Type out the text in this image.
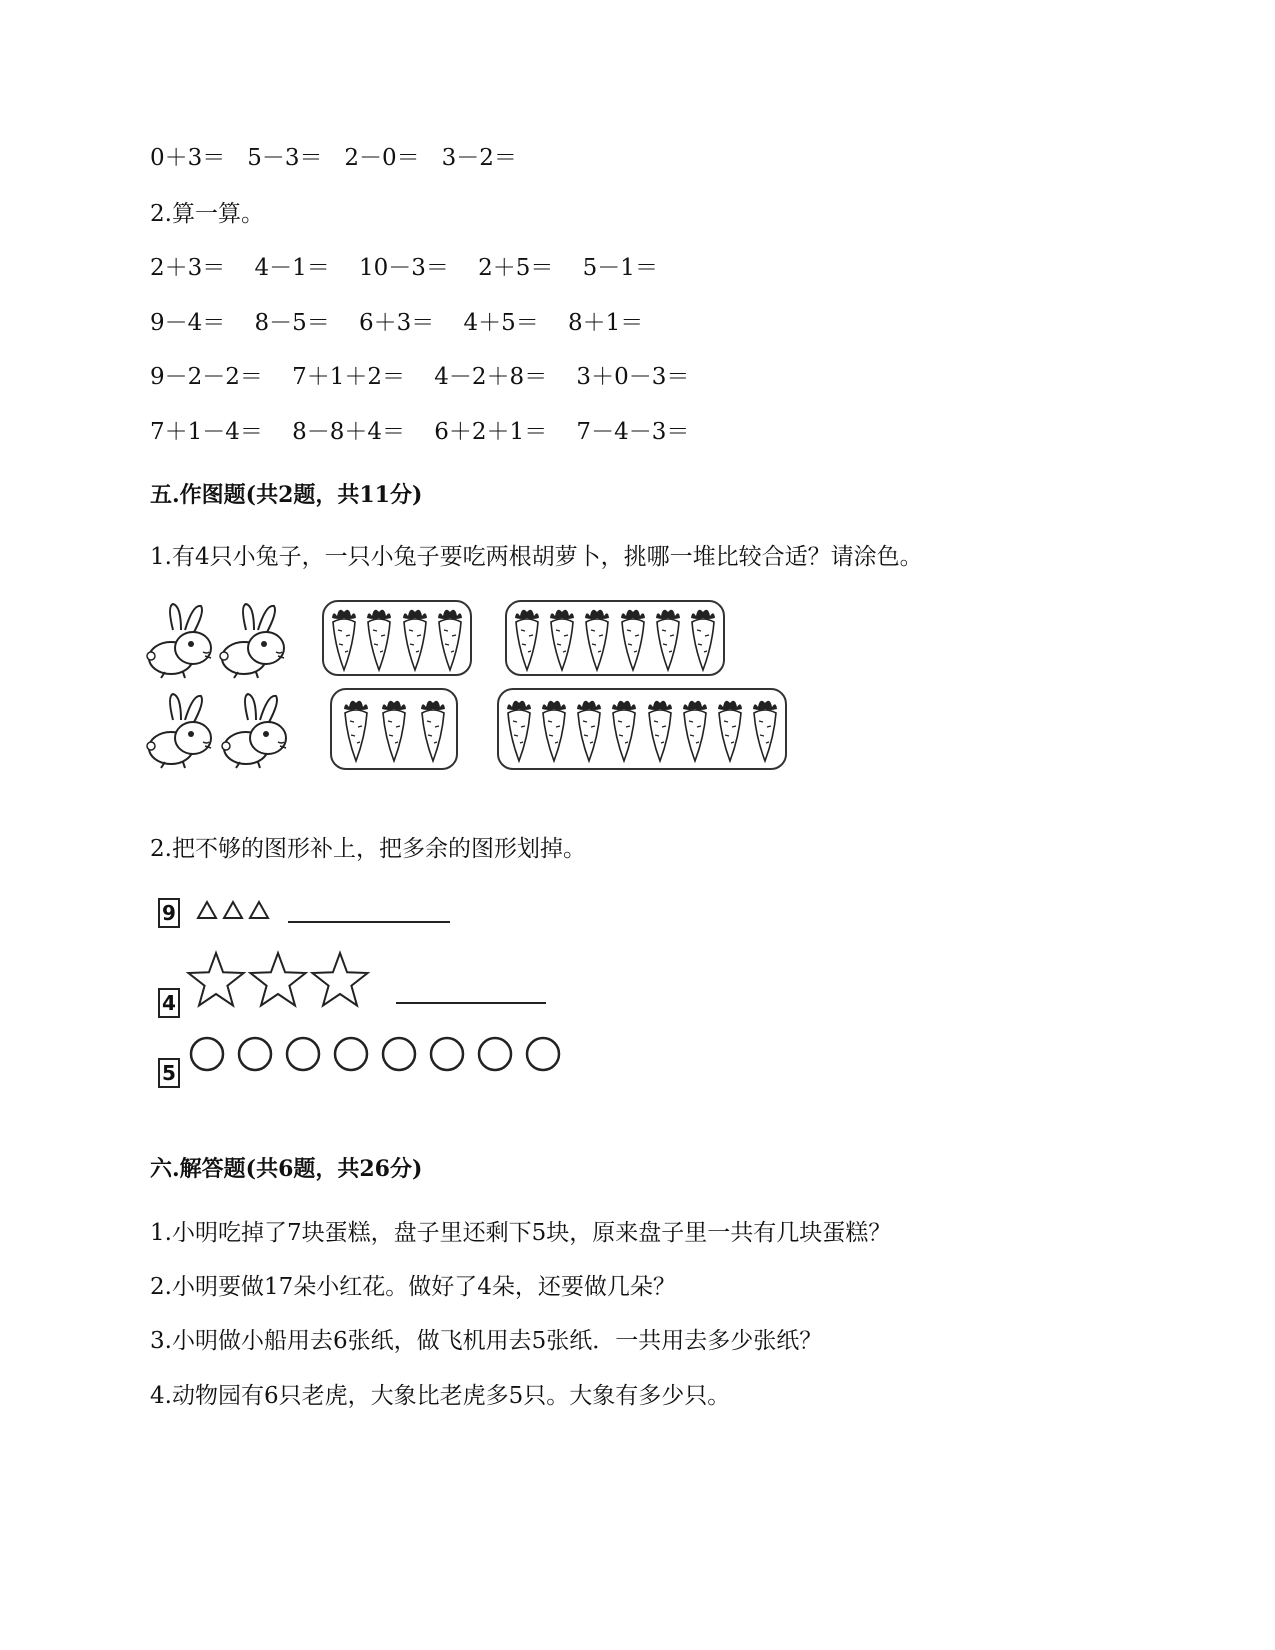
0＋3＝   5－3＝   2－0＝   3－2＝
2.算一算。
2＋3＝    4－1＝    10－3＝    2＋5＝    5－1＝
9－4＝    8－5＝    6＋3＝    4＋5＝    8＋1＝
9－2－2＝    7＋1＋2＝    4－2＋8＝    3＋0－3＝
7＋1－4＝    8－8＋4＝    6＋2＋1＝    7－4－3＝
五.作图题(共2题，共11分)
1.有4只小兔子，一只小兔子要吃两根胡萝卜，挑哪一堆比较合适？请涂色。
2.把不够的图形补上，把多余的图形划掉。
9
4
5
六.解答题(共6题，共26分)
1.小明吃掉了7块蛋糕，盘子里还剩下5块，原来盘子里一共有几块蛋糕？
2.小明要做17朵小红花。做好了4朵，还要做几朵？
3.小明做小船用去6张纸，做飞机用去5张纸．一共用去多少张纸？
4.动物园有6只老虎，大象比老虎多5只。大象有多少只。
